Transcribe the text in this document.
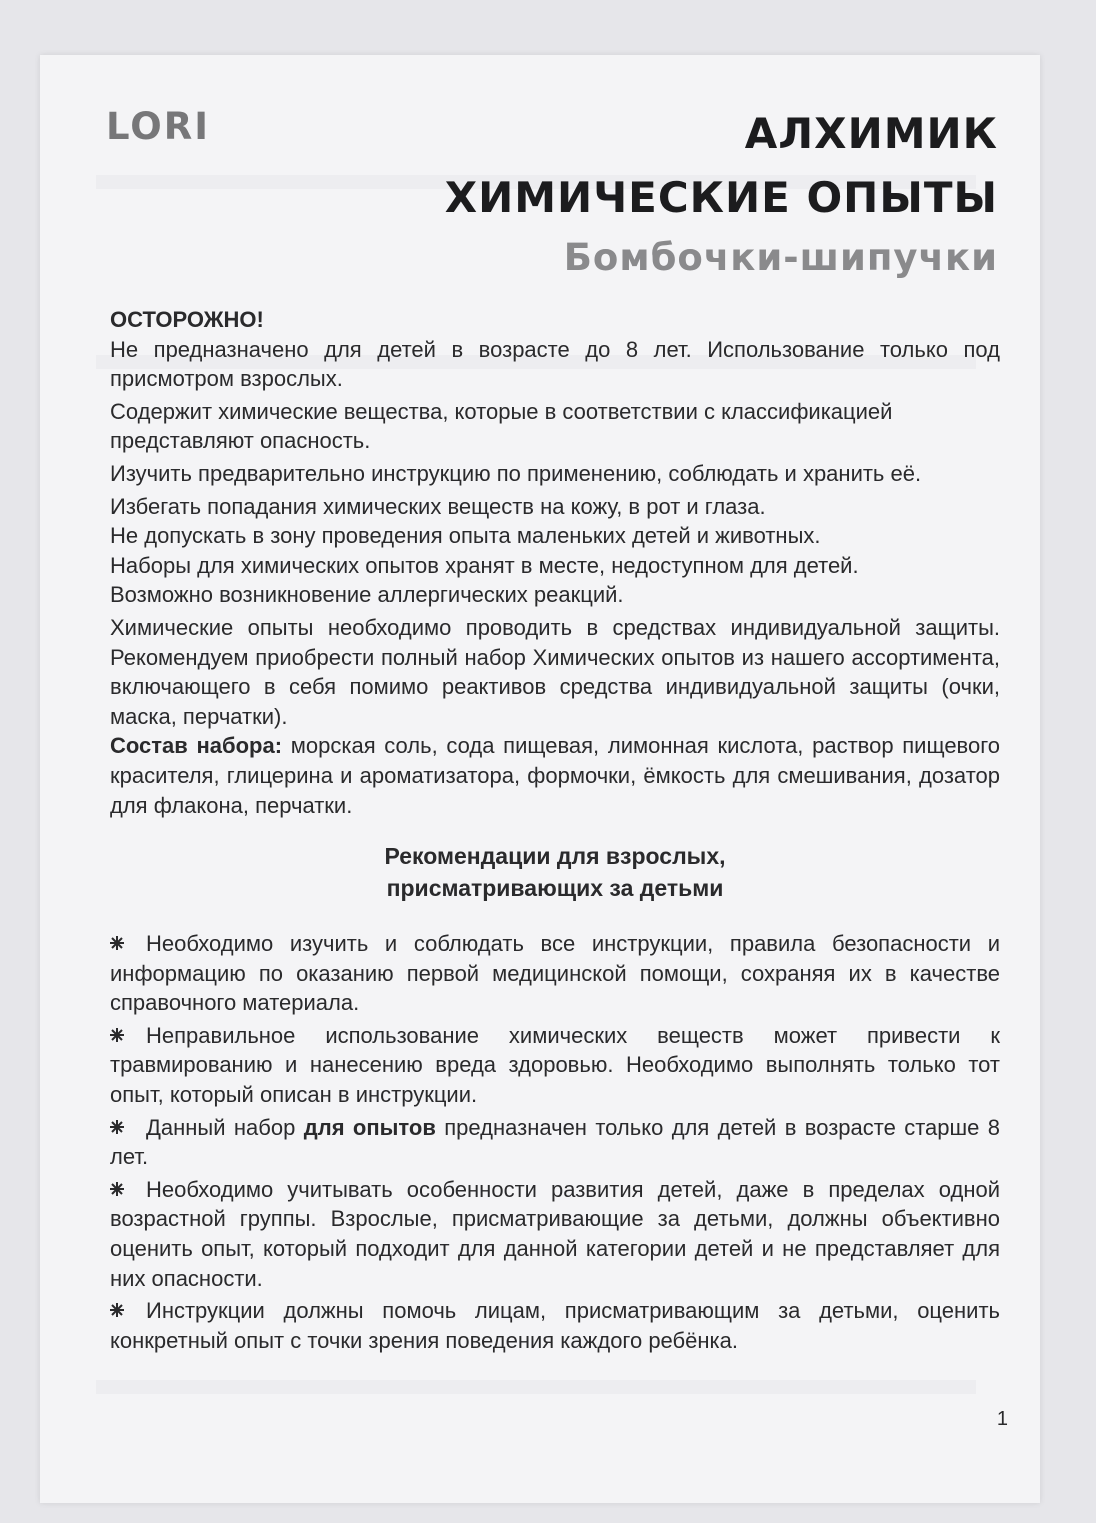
LORI	АЛХИМИК
ХИМИЧЕСКИЕ ОПЫТЫ
Бомбочки-шипучки

ОСТОРОЖНО!

Не предназначено для детей в возрасте до 8 лет. Использование только под присмотром взрослых.

Содержит химические вещества, которые в соответствии с классификацией представляют опасность.

Изучить предварительно инструкцию по применению, соблюдать и хранить её.

Избегать попадания химических веществ на кожу, в рот и глаза.

Не допускать в зону проведения опыта маленьких детей и животных.

Наборы для химических опытов хранят в месте, недоступном для детей.

Возможно возникновение аллергических реакций.

Химические опыты необходимо проводить в средствах индивидуальной защиты. Рекомендуем приобрести полный набор Химических опытов из нашего ассортимента, включающего в себя помимо реактивов средства индивидуальной защиты (очки, маска, перчатки).

Состав набора: морская соль, сода пищевая, лимонная кислота, раствор пищевого красителя, глицерина и ароматизатора, формочки, ёмкость для смешивания, дозатор для флакона, перчатки.

Рекомендации для взрослых,
присматривающих за детьми

Необходимо изучить и соблюдать все инструкции, правила безопасности и информацию по оказанию первой медицинской помощи, сохраняя их в качестве справочного материала.

Неправильное использование химических веществ может привести к травмированию и нанесению вреда здоровью. Необходимо выполнять только тот опыт, который описан в инструкции.

Данный набор для опытов предназначен только для детей в возрасте старше 8 лет.

Необходимо учитывать особенности развития детей, даже в пределах одной возрастной группы. Взрослые, присматривающие за детьми, должны объективно оценить опыт, который подходит для данной категории детей и не представляет для них опасности.

Инструкции должны помочь лицам, присматривающим за детьми, оценить конкретный опыт с точки зрения поведения каждого ребёнка.

1
